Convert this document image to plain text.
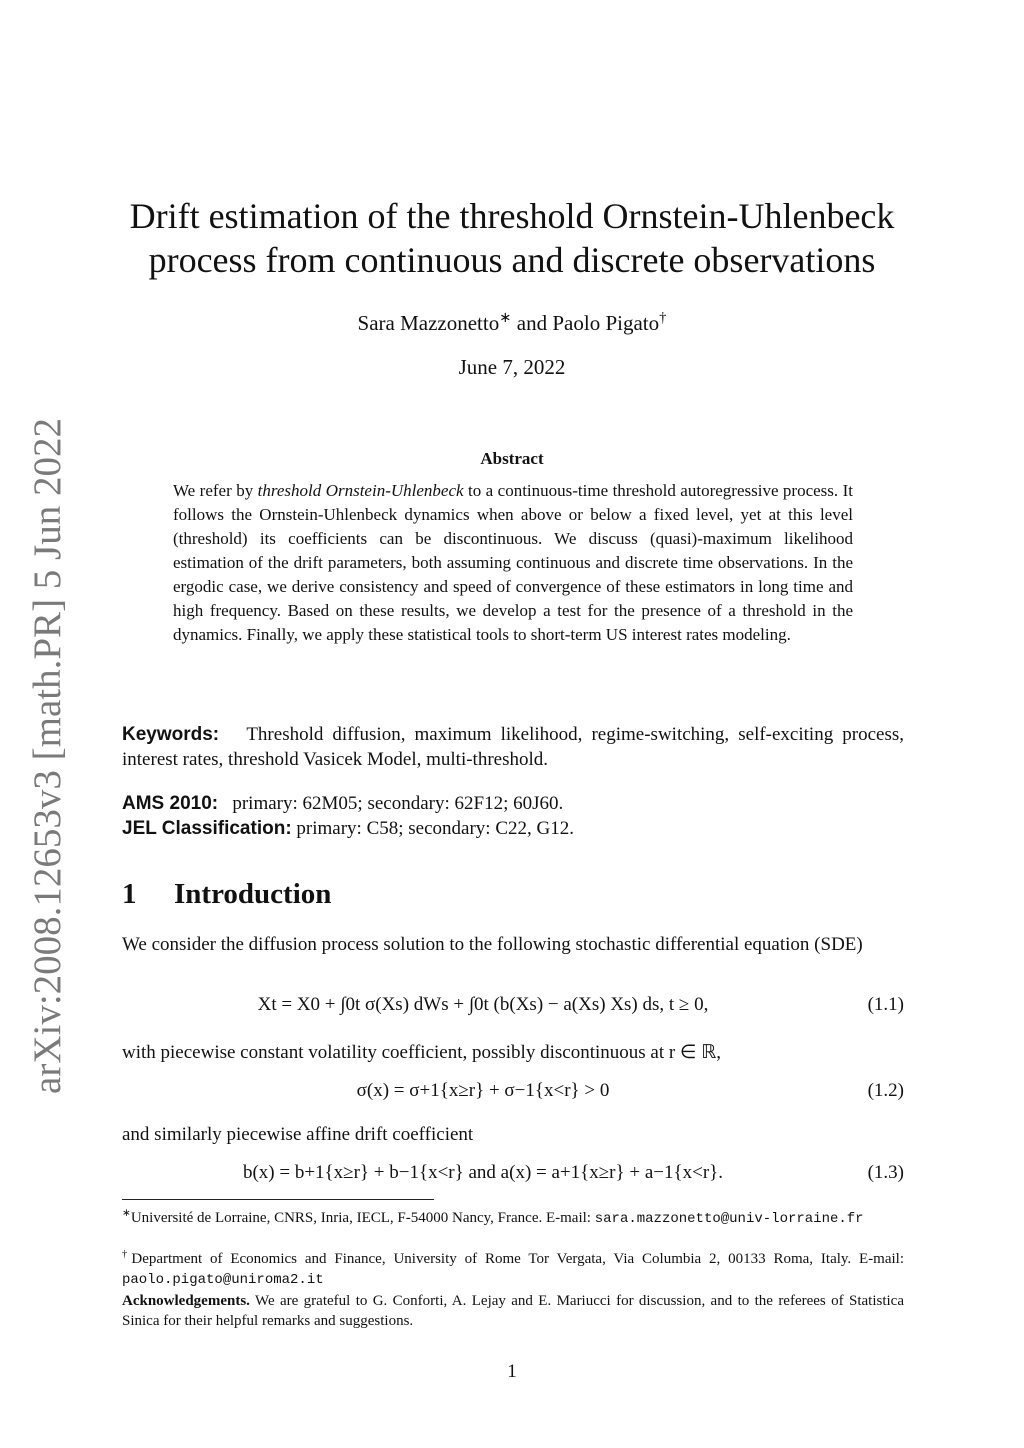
arXiv:2008.12653v3 [math.PR] 5 Jun 2022
Drift estimation of the threshold Ornstein-Uhlenbeck
process from continuous and discrete observations
Sara Mazzonetto∗ and Paolo Pigato†
June 7, 2022
Abstract
We refer by threshold Ornstein-Uhlenbeck to a continuous-time threshold autoregressive process. It follows the Ornstein-Uhlenbeck dynamics when above or below a fixed level, yet at this level (threshold) its coefficients can be discontinuous. We discuss (quasi)-maximum likelihood estimation of the drift parameters, both assuming continuous and discrete time observations. In the ergodic case, we derive consistency and speed of convergence of these estimators in long time and high frequency. Based on these results, we develop a test for the presence of a threshold in the dynamics. Finally, we apply these statistical tools to short-term US interest rates modeling.
Keywords: Threshold diffusion, maximum likelihood, regime-switching, self-exciting process, interest rates, threshold Vasicek Model, multi-threshold.
AMS 2010: primary: 62M05; secondary: 62F12; 60J60.
JEL Classification: primary: C58; secondary: C22, G12.
1 Introduction
We consider the diffusion process solution to the following stochastic differential equation (SDE)
Xt = X0 + ∫0t σ(Xs) dWs + ∫0t (b(Xs) − a(Xs) Xs) ds, t ≥ 0,	(1.1)
with piecewise constant volatility coefficient, possibly discontinuous at r ∈ ℝ,
σ(x) = σ+1{x≥r} + σ−1{x<r} > 0	(1.2)
and similarly piecewise affine drift coefficient
b(x) = b+1{x≥r} + b−1{x<r} and a(x) = a+1{x≥r} + a−1{x<r}.	(1.3)
∗Université de Lorraine, CNRS, Inria, IECL, F-54000 Nancy, France. E-mail: sara.mazzonetto@univ-lorraine.fr
†Department of Economics and Finance, University of Rome Tor Vergata, Via Columbia 2, 00133 Roma, Italy. E-mail: paolo.pigato@uniroma2.it
Acknowledgements. We are grateful to G. Conforti, A. Lejay and E. Mariucci for discussion, and to the referees of Statistica Sinica for their helpful remarks and suggestions.
1
